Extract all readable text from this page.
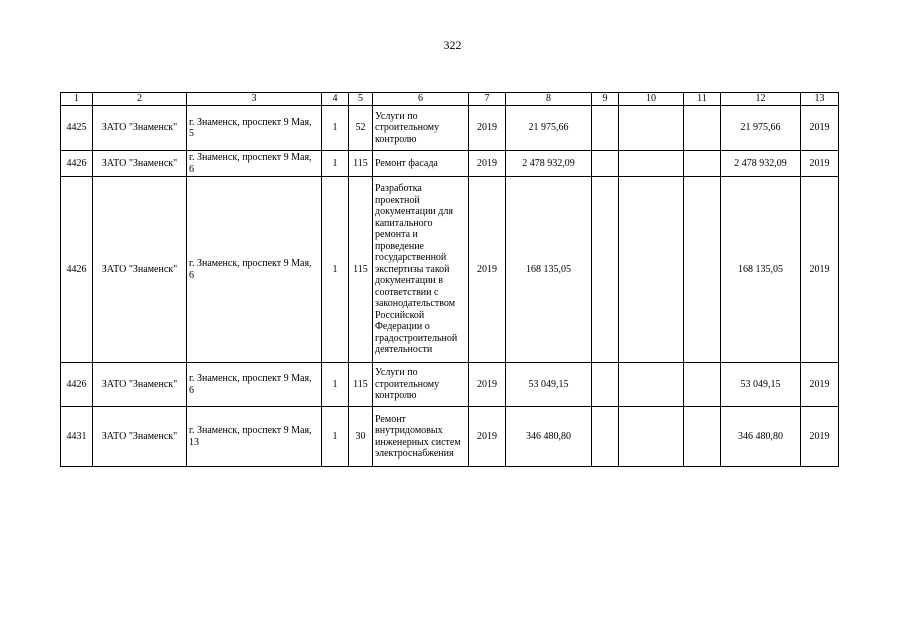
322
1	2	3	4	5	6	7	8	9	10	11	12	13
4425	ЗАТО "Знаменск"	г. Знаменск, проспект 9 Мая, 5	1	52	Услуги по строительному контролю	2019	21 975,66				21 975,66	2019
4426	ЗАТО "Знаменск"	г. Знаменск, проспект 9 Мая, 6	1	115	Ремонт фасада	2019	2 478 932,09				2 478 932,09	2019
4426	ЗАТО "Знаменск"	г. Знаменск, проспект 9 Мая, 6	1	115	Разработка проектной документации для капитального ремонта и проведение государственной экспертизы такой документации в соответствии с законодательством Российской Федерации о градостроительной деятельности	2019	168 135,05				168 135,05	2019
4426	ЗАТО "Знаменск"	г. Знаменск, проспект 9 Мая, 6	1	115	Услуги по строительному контролю	2019	53 049,15				53 049,15	2019
4431	ЗАТО "Знаменск"	г. Знаменск, проспект 9 Мая, 13	1	30	Ремонт внутридомовых инженерных систем электроснабжения	2019	346 480,80				346 480,80	2019
